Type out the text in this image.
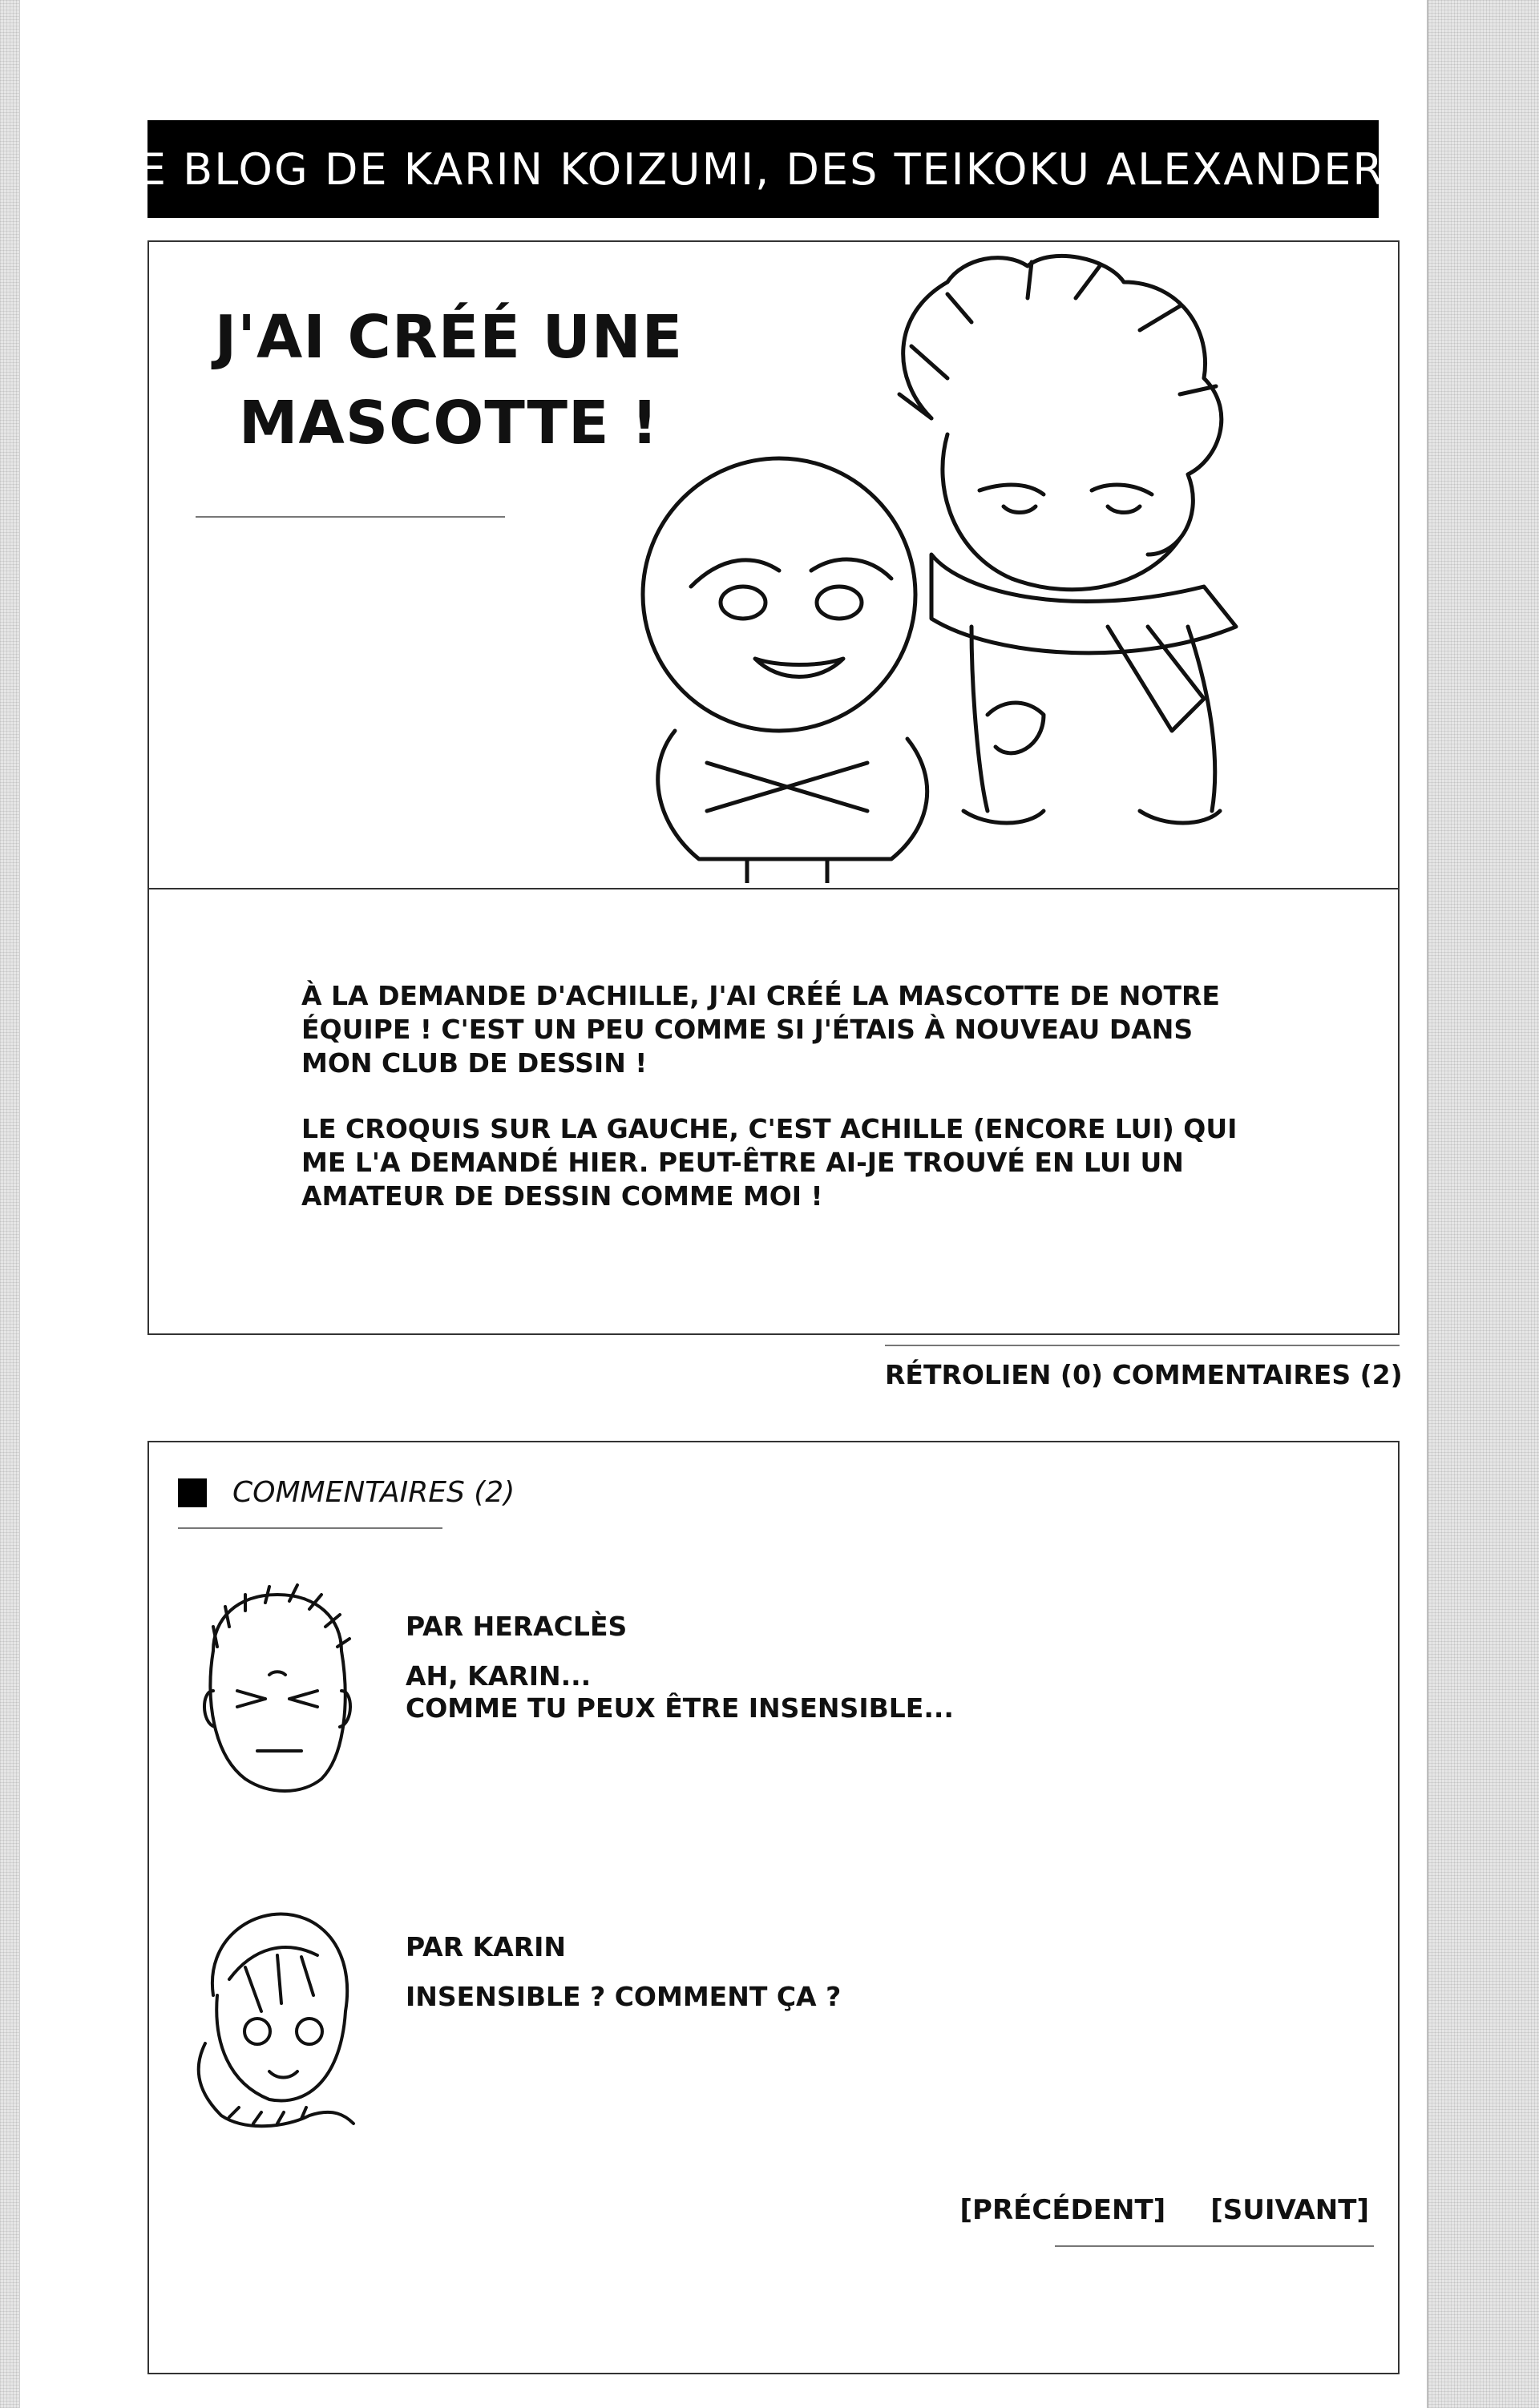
LE BLOG DE KARIN KOIZUMI, DES TEIKOKU ALEXANDERS
J'AI CRÉÉ UNE
MASCOTTE !

À LA DEMANDE D'ACHILLE, J'AI CRÉÉ LA MASCOTTE DE NOTRE
ÉQUIPE ! C'EST UN PEU COMME SI J'ÉTAIS À NOUVEAU DANS
MON CLUB DE DESSIN !

LE CROQUIS SUR LA GAUCHE, C'EST ACHILLE (ENCORE LUI) QUI
ME L'A DEMANDÉ HIER. PEUT-ÊTRE AI-JE TROUVÉ EN LUI UN
AMATEUR DE DESSIN COMME MOI !

RÉTROLIEN (0) COMMENTAIRES (2)
COMMENTAIRES (2)
PAR HERACLÈS
AH, KARIN...
COMME TU PEUX ÊTRE INSENSIBLE...
PAR KARIN
INSENSIBLE ? COMMENT ÇA ?
[PRÉCÉDENT] [SUIVANT]
